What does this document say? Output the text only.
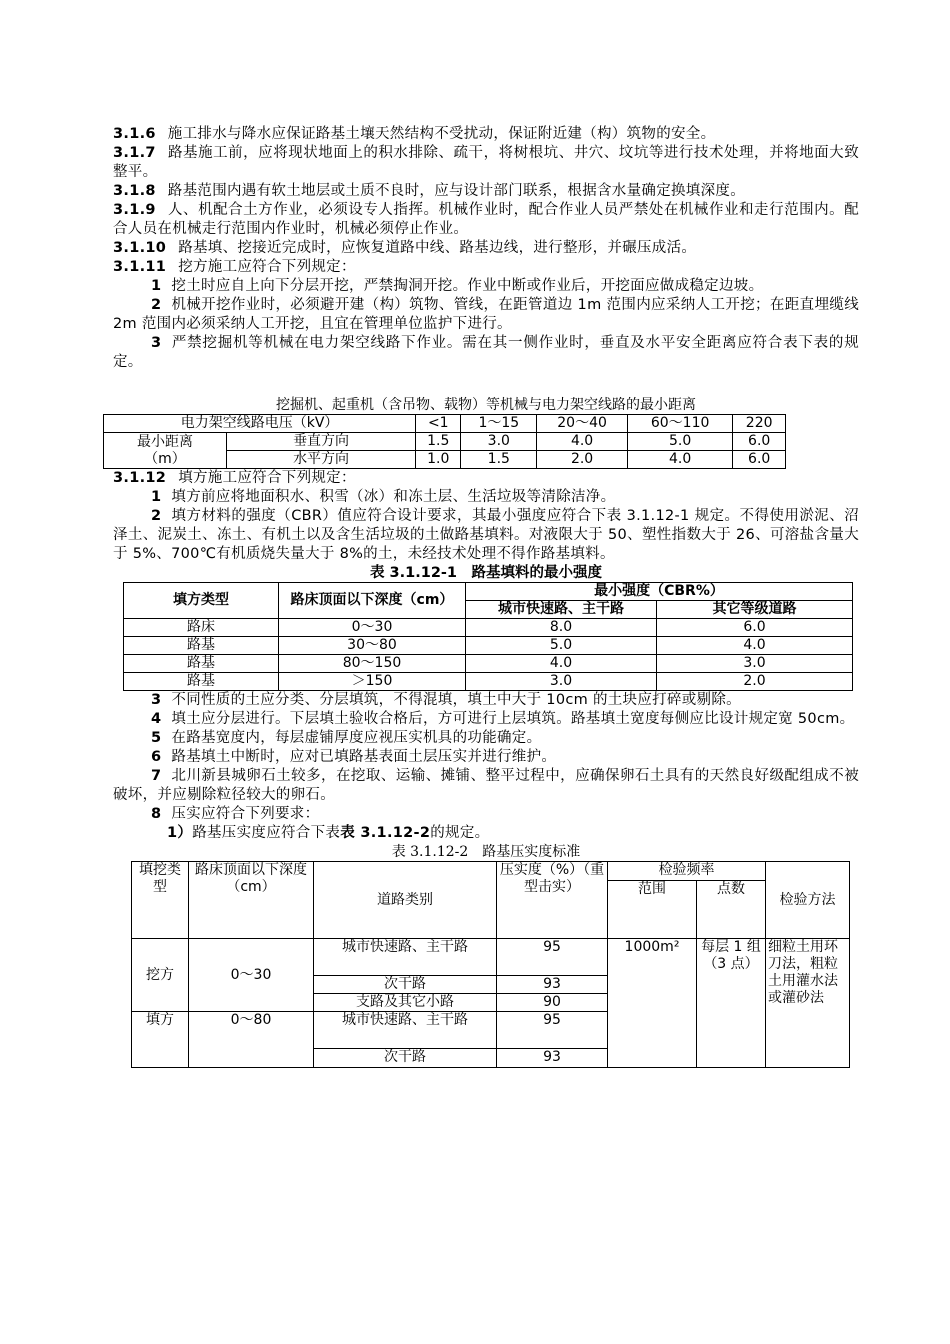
3.1.6 施工排水与降水应保证路基土壤天然结构不受扰动，保证附近建（构）筑物的安全。

3.1.7 路基施工前，应将现状地面上的积水排除、疏干，将树根坑、井穴、坟坑等进行技术处理，并将地面大致整平。

3.1.8 路基范围内遇有软土地层或土质不良时，应与设计部门联系，根据含水量确定换填深度。

3.1.9 人、机配合土方作业，必须设专人指挥。机械作业时，配合作业人员严禁处在机械作业和走行范围内。配合人员在机械走行范围内作业时，机械必须停止作业。

3.1.10 路基填、挖接近完成时，应恢复道路中线、路基边线，进行整形，并碾压成活。

3.1.11 挖方施工应符合下列规定：

1 挖土时应自上向下分层开挖，严禁掏洞开挖。作业中断或作业后，开挖面应做成稳定边坡。

2 机械开挖作业时，必须避开建（构）筑物、管线，在距管道边 1m 范围内应采纳人工开挖；在距直埋缆线 2m 范围内必须采纳人工开挖，且宜在管理单位监护下进行。

3 严禁挖掘机等机械在电力架空线路下作业。需在其一侧作业时，垂直及水平安全距离应符合表下表的规定。

挖掘机、起重机（含吊物、载物）等机械与电力架空线路的最小距离

电力架空线路电压（kV）		<1	1～15	20～40	60～110	220
最小距离
（m）	垂直方向	1.5	3.0	4.0	5.0	6.0
	水平方向	1.0	1.5	2.0	4.0	6.0

3.1.12 填方施工应符合下列规定：

1 填方前应将地面积水、积雪（冰）和冻土层、生活垃圾等清除洁净。

2 填方材料的强度（CBR）值应符合设计要求，其最小强度应符合下表 3.1.12-1 规定。不得使用淤泥、沼泽土、泥炭土、冻土、有机土以及含生活垃圾的土做路基填料。对液限大于 50、塑性指数大于 26、可溶盐含量大于 5%、700℃有机质烧失量大于 8%的土，未经技术处理不得作路基填料。

表 3.1.12-1　路基填料的最小强度

填方类型	路床顶面以下深度（cm）	最小强度（CBR%）	
		城市快速路、主干路	其它等级道路
路床	0～30	8.0	6.0
路基	30～80	5.0	4.0
路基	80～150	4.0	3.0
路基	＞150	3.0	2.0

3 不同性质的土应分类、分层填筑，不得混填，填土中大于 10cm 的土块应打碎或剔除。

4 填土应分层进行。下层填土验收合格后，方可进行上层填筑。路基填土宽度每侧应比设计规定宽 50cm。

5 在路基宽度内，每层虚铺厚度应视压实机具的功能确定。

6 路基填土中断时，应对已填路基表面土层压实并进行维护。

7 北川新县城卵石土较多，在挖取、运输、摊铺、整平过程中，应确保卵石土具有的天然良好级配组成不被破坏，并应剔除粒径较大的卵石。

8 压实应符合下列要求：

1）路基压实度应符合下表表 3.1.12-2的规定。

表 3.1.12-2　路基压实度标准

填挖类型	路床顶面以下深度（cm）	道路类别	压实度（%）（重型击实）	检验频率		检验方法
				范围	点数	
挖方	0～30	城市快速路、主干路	95	1000m²	每层 1 组（3 点）	细粒土用环刀法，粗粒土用灌水法或灌砂法
		次干路	93			
		支路及其它小路	90			
填方	0～80	城市快速路、主干路	95			
		次干路	93			
